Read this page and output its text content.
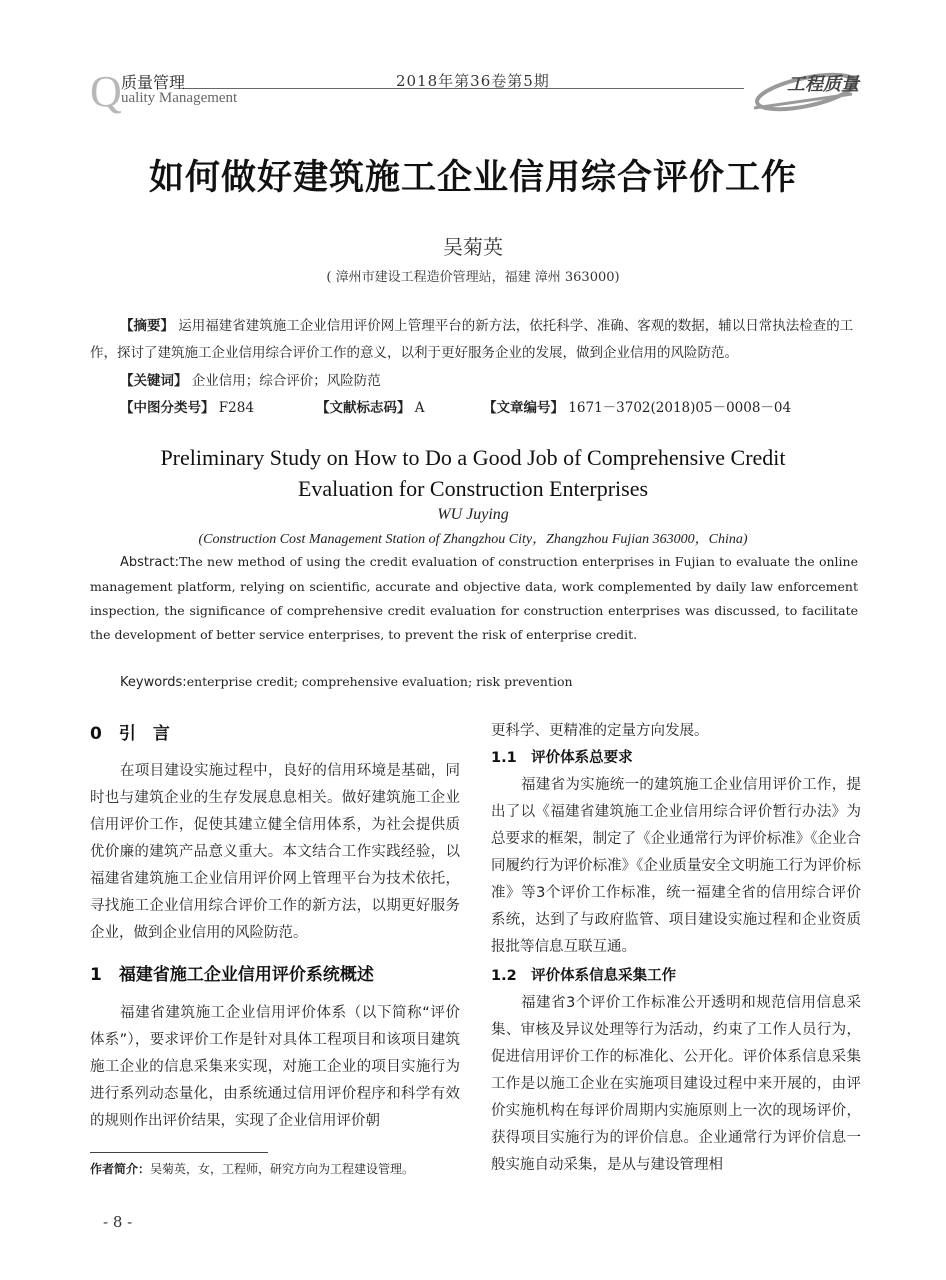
Q 质量管理
uality Management
2018年第36卷第5期	工程质量
如何做好建筑施工企业信用综合评价工作
吴菊英
( 漳州市建设工程造价管理站，福建 漳州 363000)
【摘要】 运用福建省建筑施工企业信用评价网上管理平台的新方法，依托科学、准确、客观的数据，辅以日常执法检查的工作，探讨了建筑施工企业信用综合评价工作的意义，以利于更好服务企业的发展，做到企业信用的风险防范。
【关键词】 企业信用；综合评价；风险防范
【中图分类号】 F284	【文献标志码】 A	【文章编号】 1671－3702(2018)05－0008－04
Preliminary Study on How to Do a Good Job of Comprehensive Credit
Evaluation for Construction Enterprises
WU Juying
(Construction Cost Management Station of Zhangzhou City，Zhangzhou Fujian 363000，China)
Abstract:The new method of using the credit evaluation of construction enterprises in Fujian to evaluate the online management platform, relying on scientific, accurate and objective data, work complemented by daily law enforcement inspection, the significance of comprehensive credit evaluation for construction enterprises was discussed, to facilitate the development of better service enterprises, to prevent the risk of enterprise credit.
Keywords:enterprise credit; comprehensive evaluation; risk prevention
0　引　言
在项目建设实施过程中，良好的信用环境是基础，同时也与建筑企业的生存发展息息相关。做好建筑施工企业信用评价工作，促使其建立健全信用体系，为社会提供质优价廉的建筑产品意义重大。本文结合工作实践经验，以福建省建筑施工企业信用评价网上管理平台为技术依托，寻找施工企业信用综合评价工作的新方法，以期更好服务企业，做到企业信用的风险防范。
1　福建省施工企业信用评价系统概述
福建省建筑施工企业信用评价体系（以下简称“评价体系”），要求评价工作是针对具体工程项目和该项目建筑施工企业的信息采集来实现，对施工企业的项目实施行为进行系列动态量化，由系统通过信用评价程序和科学有效的规则作出评价结果，实现了企业信用评价朝
更科学、更精准的定量方向发展。
1.1　评价体系总要求
福建省为实施统一的建筑施工企业信用评价工作，提出了以《福建省建筑施工企业信用综合评价暂行办法》为总要求的框架，制定了《企业通常行为评价标准》《企业合同履约行为评价标准》《企业质量安全文明施工行为评价标准》等3个评价工作标准，统一福建全省的信用综合评价系统，达到了与政府监管、项目建设实施过程和企业资质报批等信息互联互通。
1.2　评价体系信息采集工作
福建省3个评价工作标准公开透明和规范信用信息采集、审核及异议处理等行为活动，约束了工作人员行为，促进信用评价工作的标准化、公开化。评价体系信息采集工作是以施工企业在实施项目建设过程中来开展的，由评价实施机构在每评价周期内实施原则上一次的现场评价，获得项目实施行为的评价信息。企业通常行为评价信息一般实施自动采集，是从与建设管理相
作者简介：吴菊英，女，工程师，研究方向为工程建设管理。
- 8 -
